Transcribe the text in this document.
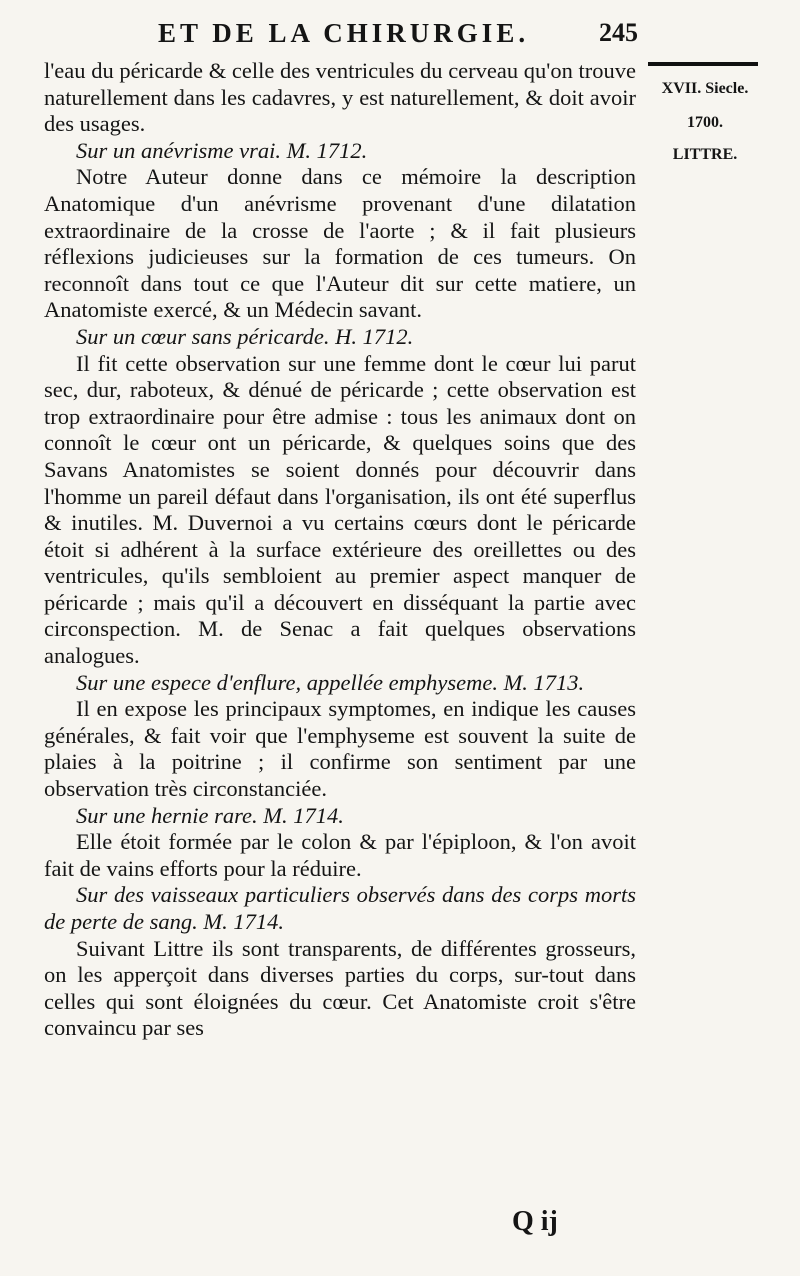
ET DE LA CHIRURGIE.	245
XVII. Siecle.
1700.
LITTRE.

l'eau du péricarde & celle des ventricules du cerveau qu'on trouve naturellement dans les cadavres, y est naturellement, & doit avoir des usages.

Sur un anévrisme vrai. M. 1712.

Notre Auteur donne dans ce mémoire la description Anatomique d'un anévrisme provenant d'une dilatation extraordinaire de la crosse de l'aorte ; & il fait plusieurs réflexions judicieuses sur la formation de ces tumeurs. On reconnoît dans tout ce que l'Auteur dit sur cette matiere, un Anatomiste exercé, & un Médecin savant.

Sur un cœur sans péricarde. H. 1712.

Il fit cette observation sur une femme dont le cœur lui parut sec, dur, raboteux, & dénué de péricarde ; cette observation est trop extraordinaire pour être admise : tous les animaux dont on connoît le cœur ont un péricarde, & quelques soins que des Savans Anatomistes se soient donnés pour découvrir dans l'homme un pareil défaut dans l'organisation, ils ont été superflus & inutiles. M. Duvernoi a vu certains cœurs dont le péricarde étoit si adhérent à la surface extérieure des oreillettes ou des ventricules, qu'ils sembloient au premier aspect manquer de péricarde ; mais qu'il a découvert en disséquant la partie avec circonspection. M. de Senac a fait quelques observations analogues.

Sur une espece d'enflure, appellée emphyseme. M. 1713.

Il en expose les principaux symptomes, en indique les causes générales, & fait voir que l'emphyseme est souvent la suite de plaies à la poitrine ; il confirme son sentiment par une observation très circonstanciée.

Sur une hernie rare. M. 1714.

Elle étoit formée par le colon & par l'épiploon, & l'on avoit fait de vains efforts pour la réduire.

Sur des vaisseaux particuliers observés dans des corps morts de perte de sang. M. 1714.

Suivant Littre ils sont transparents, de différentes grosseurs, on les apperçoit dans diverses parties du corps, sur-tout dans celles qui sont éloignées du cœur. Cet Anatomiste croit s'être convaincu par ses

Q ij
